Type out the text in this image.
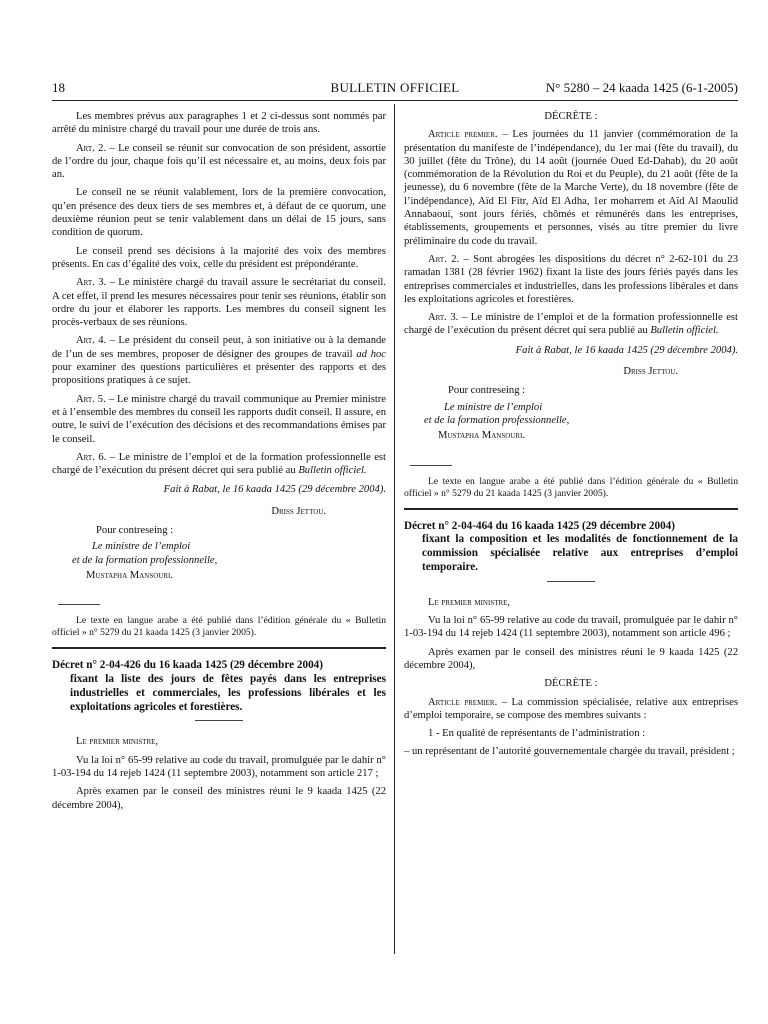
18	BULLETIN OFFICIEL	N° 5280 – 24 kaada 1425 (6-1-2005)

Les membres prévus aux paragraphes 1 et 2 ci-dessus sont nommés par arrêté du ministre chargé du travail pour une durée de trois ans.

Art. 2. – Le conseil se réunit sur convocation de son président, assortie de l’ordre du jour, chaque fois qu’il est nécessaire et, au moins, deux fois par an.

Le conseil ne se réunit valablement, lors de la première convocation, qu’en présence des deux tiers de ses membres et, à défaut de ce quorum, une deuxième réunion peut se tenir valablement dans un délai de 15 jours, sans condition de quorum.

Le conseil prend ses décisions à la majorité des voix des membres présents. En cas d’égalité des voix, celle du président est prépondérante.

Art. 3. – Le ministère chargé du travail assure le secrétariat du conseil. A cet effet, il prend les mesures nécessaires pour tenir ses réunions, établir son ordre du jour et élaborer les rapports. Les membres du conseil signent les procès-verbaux de ses réunions.

Art. 4. – Le président du conseil peut, à son initiative ou à la demande de l’un de ses membres, proposer de désigner des groupes de travail ad hoc pour examiner des questions particulières et présenter des rapports et des propositions pratiques à ce sujet.

Art. 5. – Le ministre chargé du travail communique au Premier ministre et à l’ensemble des membres du conseil les rapports dudit conseil. Il assure, en outre, le suivi de l’exécution des décisions et des recommandations émises par le conseil.

Art. 6. – Le ministre de l’emploi et de la formation professionnelle est chargé de l’exécution du présent décret qui sera publié au Bulletin officiel.

Fait à Rabat, le 16 kaada 1425 (29 décembre 2004).

Driss Jettou.

Pour contreseing :

Le ministre de l’emploi

et de la formation professionnelle,

Mustapha Mansouri.

Le texte en langue arabe a été publié dans l’édition générale du « Bulletin officiel » n° 5279 du 21 kaada 1425 (3 janvier 2005).

Décret n° 2-04-426 du 16 kaada 1425 (29 décembre 2004)
fixant la liste des jours de fêtes payés dans les entreprises industrielles et commerciales, les professions libérales et les exploitations agricoles et forestières.

Le premier ministre,

Vu la loi n° 65-99 relative au code du travail, promulguée par le dahir n° 1-03-194 du 14 rejeb 1424 (11 septembre 2003), notamment son article 217 ;

Après examen par le conseil des ministres réuni le 9 kaada 1425 (22 décembre 2004),

DÉCRÈTE :

Article premier. – Les journées du 11 janvier (commémoration de la présentation du manifeste de l’indépendance), du 1er mai (fête du travail), du 30 juillet (fête du Trône), du 14 août (journée Oued Ed-Dahab), du 20 août (commémoration de la Révolution du Roi et du Peuple), du 21 août (fête de la jeunesse), du 6 novembre (fête de la Marche Verte), du 18 novembre (fête de l’indépendance), Aïd El Fitr, Aïd El Adha, 1er moharrem et Aïd Al Maoulid Annabaoui, sont jours fériés, chômés et rémunérés dans les entreprises, établissements, groupements et personnes, visés au titre premier du livre préliminaire du code du travail.

Art. 2. – Sont abrogées les dispositions du décret n° 2-62-101 du 23 ramadan 1381 (28 février 1962) fixant la liste des jours fériés payés dans les entreprises commerciales et industrielles, dans les professions libérales et dans les exploitations agricoles et forestières.

Art. 3. – Le ministre de l’emploi et de la formation professionnelle est chargé de l’exécution du présent décret qui sera publié au Bulletin officiel.

Fait à Rabat, le 16 kaada 1425 (29 décembre 2004).

Driss Jettou.

Pour contreseing :

Le ministre de l’emploi

et de la formation professionnelle,

Mustapha Mansouri.

Le texte en langue arabe a été publié dans l’édition générale du « Bulletin officiel » n° 5279 du 21 kaada 1425 (3 janvier 2005).

Décret n° 2-04-464 du 16 kaada 1425 (29 décembre 2004)
fixant la composition et les modalités de fonctionnement de la commission spécialisée relative aux entreprises d’emploi temporaire.

Le premier ministre,

Vu la loi n° 65-99 relative au code du travail, promulguée par le dahir n° 1-03-194 du 14 rejeb 1424 (11 septembre 2003), notamment son article 496 ;

Après examen par le conseil des ministres réuni le 9 kaada 1425 (22 décembre 2004),

DÉCRÈTE :

Article premier. – La commission spécialisée, relative aux entreprises d’emploi temporaire, se compose des membres suivants :

1 - En qualité de représentants de l’administration :

– un représentant de l’autorité gouvernementale chargée du travail, président ;
